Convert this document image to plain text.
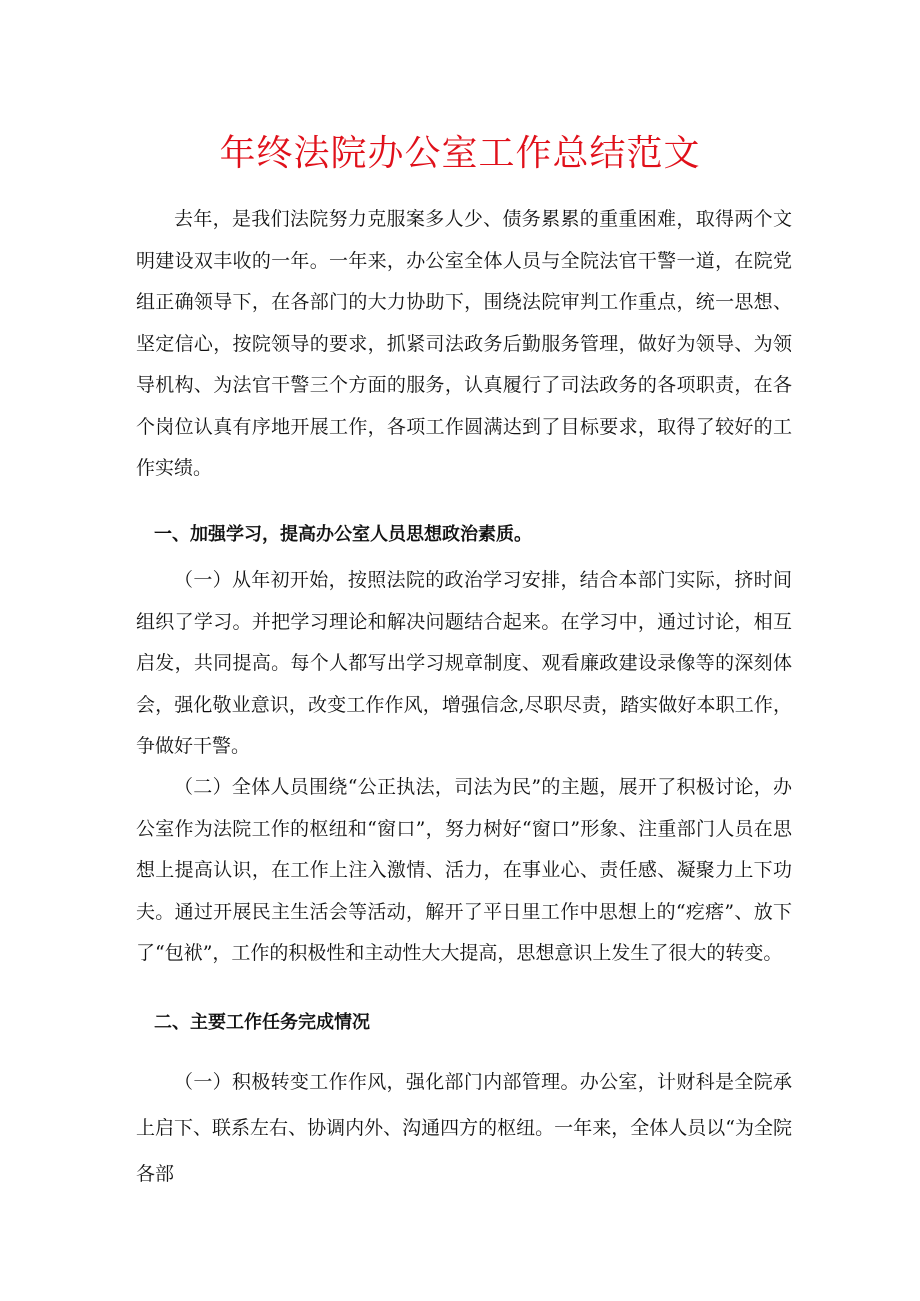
年终法院办公室工作总结范文

去年，是我们法院努力克服案多人少、债务累累的重重困难，取得两个文明建设双丰收的一年。一年来，办公室全体人员与全院法官干警一道，在院党组正确领导下，在各部门的大力协助下，围绕法院审判工作重点，统一思想、坚定信心，按院领导的要求，抓紧司法政务后勤服务管理，做好为领导、为领导机构、为法官干警三个方面的服务，认真履行了司法政务的各项职责，在各个岗位认真有序地开展工作，各项工作圆满达到了目标要求，取得了较好的工作实绩。

一、加强学习，提高办公室人员思想政治素质。

（一）从年初开始，按照法院的政治学习安排，结合本部门实际，挤时间组织了学习。并把学习理论和解决问题结合起来。在学习中，通过讨论，相互启发，共同提高。每个人都写出学习规章制度、观看廉政建设录像等的深刻体会，强化敬业意识，改变工作作风，增强信念,尽职尽责，踏实做好本职工作，争做好干警。

（二）全体人员围绕“公正执法，司法为民”的主题，展开了积极讨论，办公室作为法院工作的枢纽和“窗口”，努力树好“窗口”形象、注重部门人员在思想上提高认识，在工作上注入激情、活力，在事业心、责任感、凝聚力上下功夫。通过开展民主生活会等活动，解开了平日里工作中思想上的“疙瘩”、放下了“包袱”，工作的积极性和主动性大大提高，思想意识上发生了很大的转变。

二、主要工作任务完成情况

（一）积极转变工作作风，强化部门内部管理。办公室，计财科是全院承上启下、联系左右、协调内外、沟通四方的枢纽。一年来，全体人员以“为全院各部
